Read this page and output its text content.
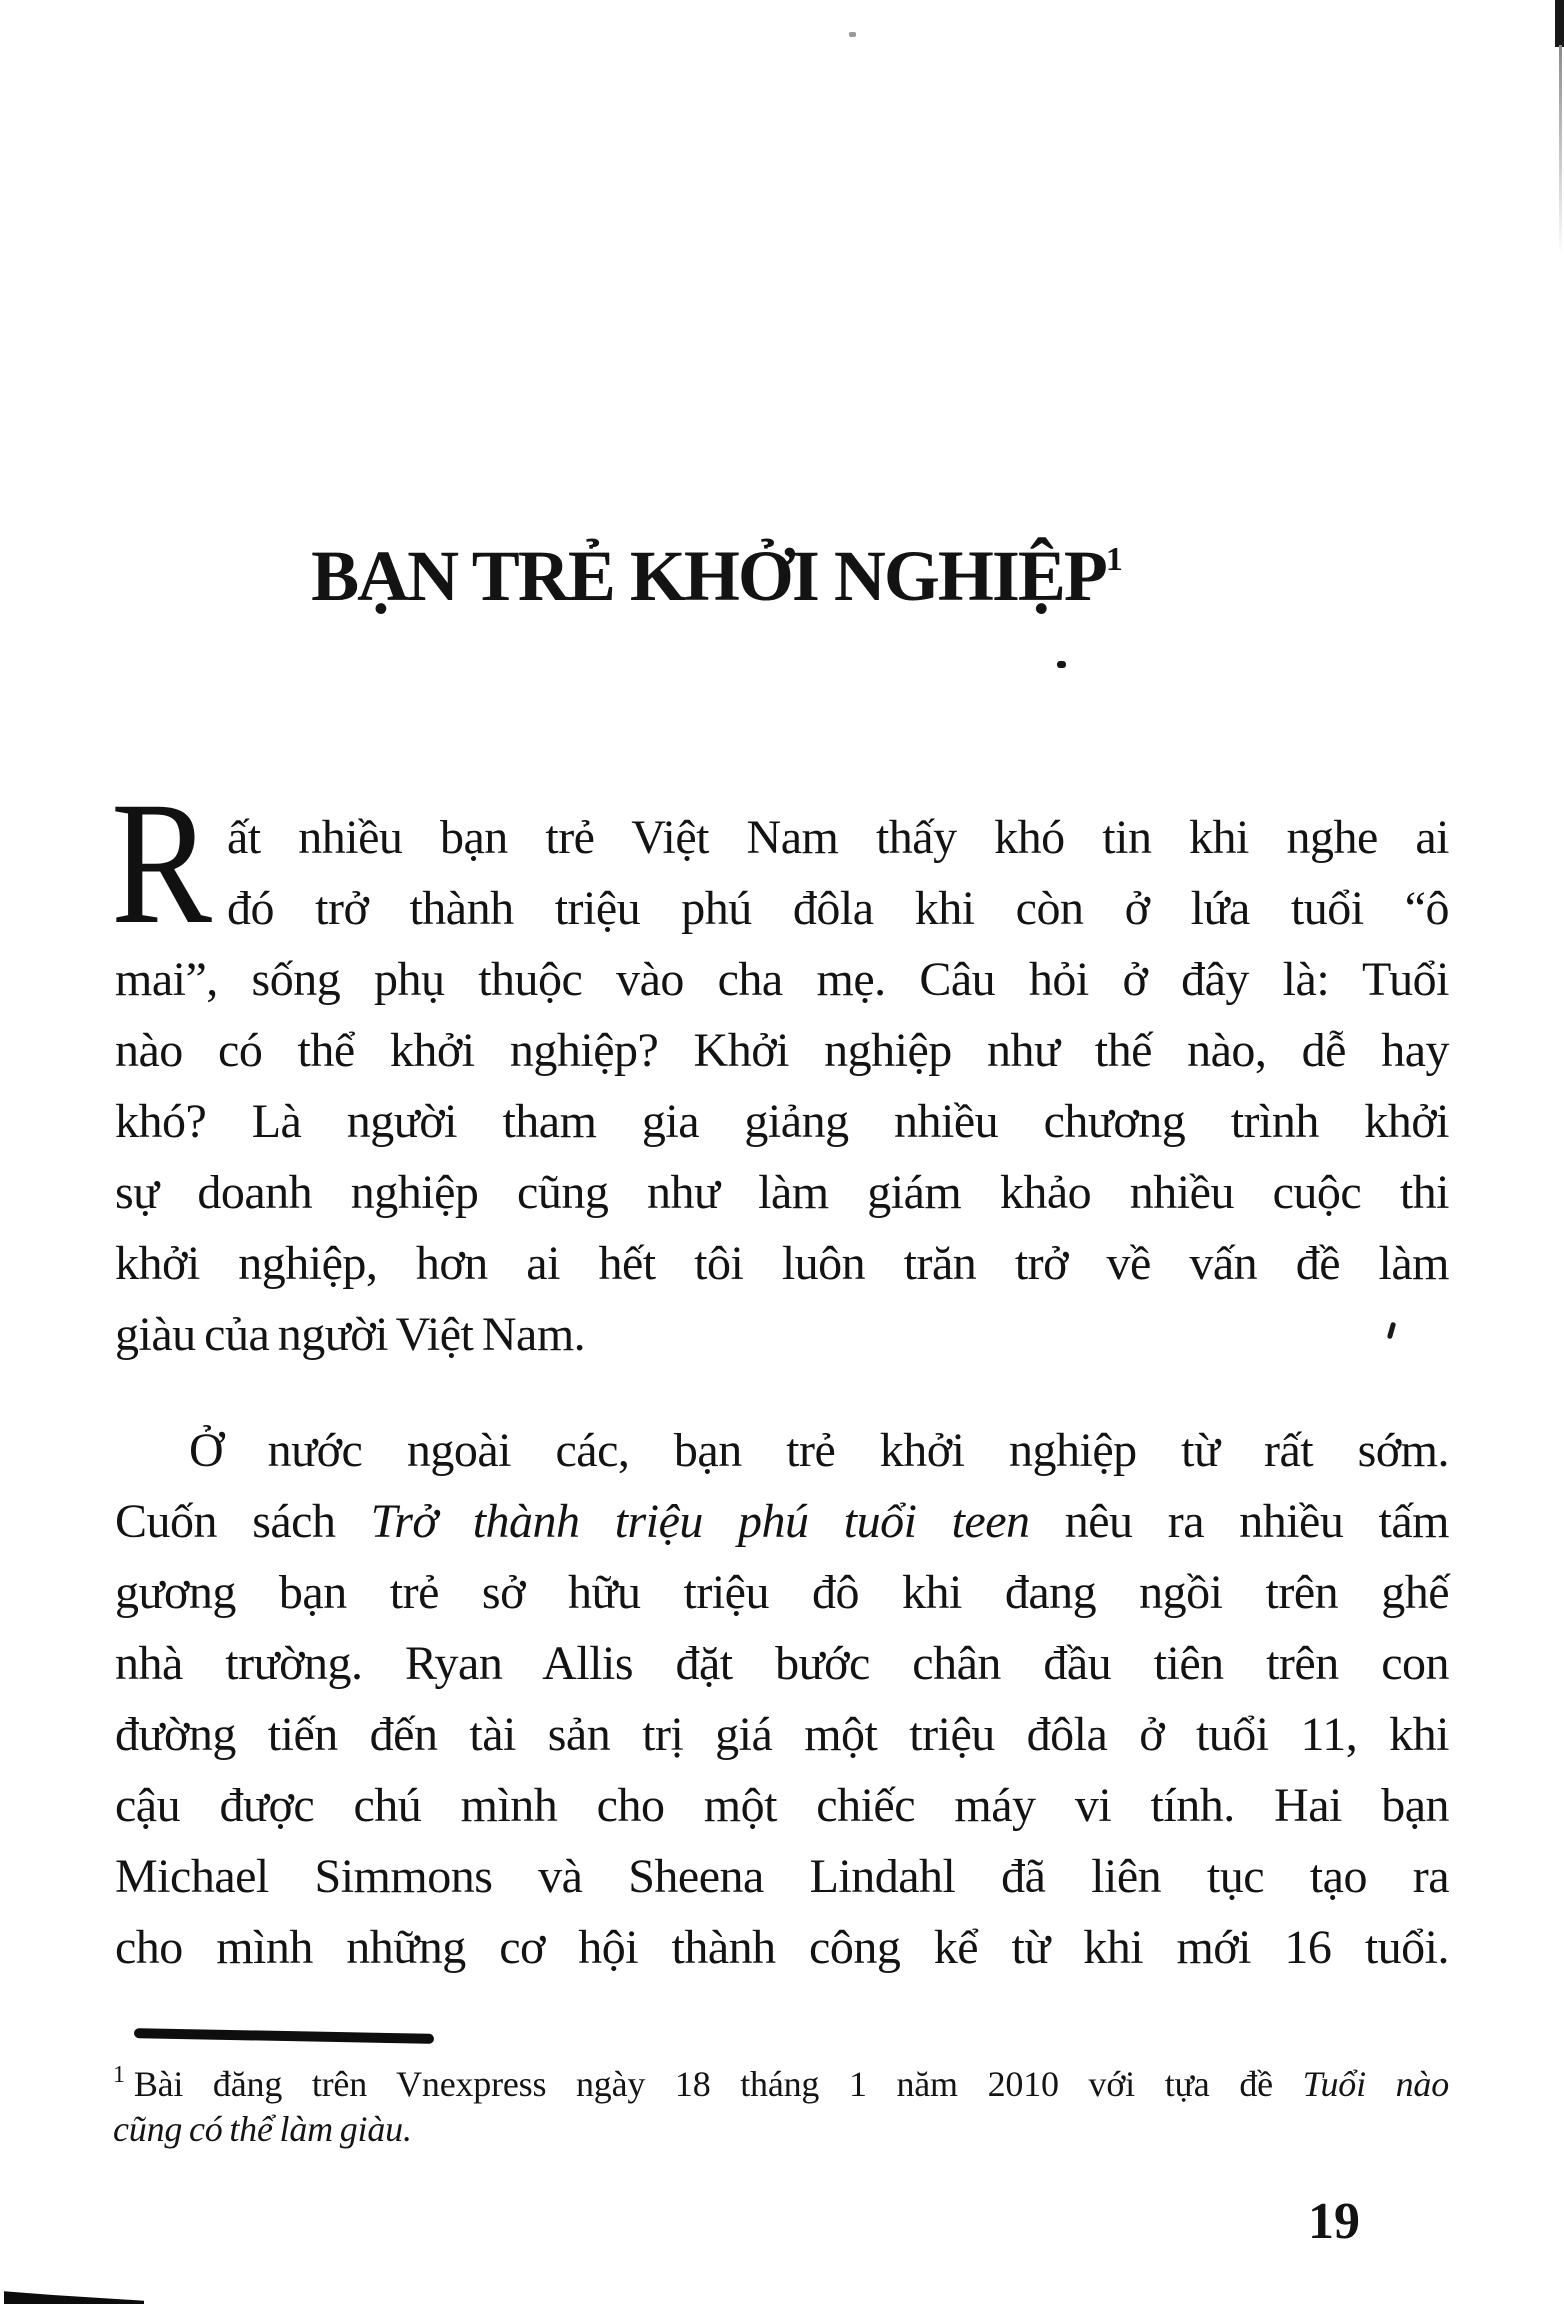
BẠN TRẺ KHỞI NGHIỆP$^1$
R ất nhiều bạn trẻ Việt Nam thấy khó tin khi nghe ai
đó trở thành triệu phú đôla khi còn ở lứa tuổi “ô
mai”, sống phụ thuộc vào cha mẹ. Câu hỏi ở đây là: Tuổi
nào có thể khởi nghiệp? Khởi nghiệp như thế nào, dễ hay
khó? Là người tham gia giảng nhiều chương trình khởi
sự doanh nghiệp cũng như làm giám khảo nhiều cuộc thi
khởi nghiệp, hơn ai hết tôi luôn trăn trở về vấn đề làm
giàu của người Việt Nam.
Ở nước ngoài các, bạn trẻ khởi nghiệp từ rất sớm.
Cuốn sách Trở thành triệu phú tuổi teen nêu ra nhiều tấm
gương bạn trẻ sở hữu triệu đô khi đang ngồi trên ghế
nhà trường. Ryan Allis đặt bước chân đầu tiên trên con
đường tiến đến tài sản trị giá một triệu đôla ở tuổi 11, khi
cậu được chú mình cho một chiếc máy vi tính. Hai bạn
Michael Simmons và Sheena Lindahl đã liên tục tạo ra
cho mình những cơ hội thành công kể từ khi mới 16 tuổi.
$^1$ Bài đăng trên Vnexpress ngày 18 tháng 1 năm 2010 với tựa đề Tuổi nào
cũng có thể làm giàu.
19
